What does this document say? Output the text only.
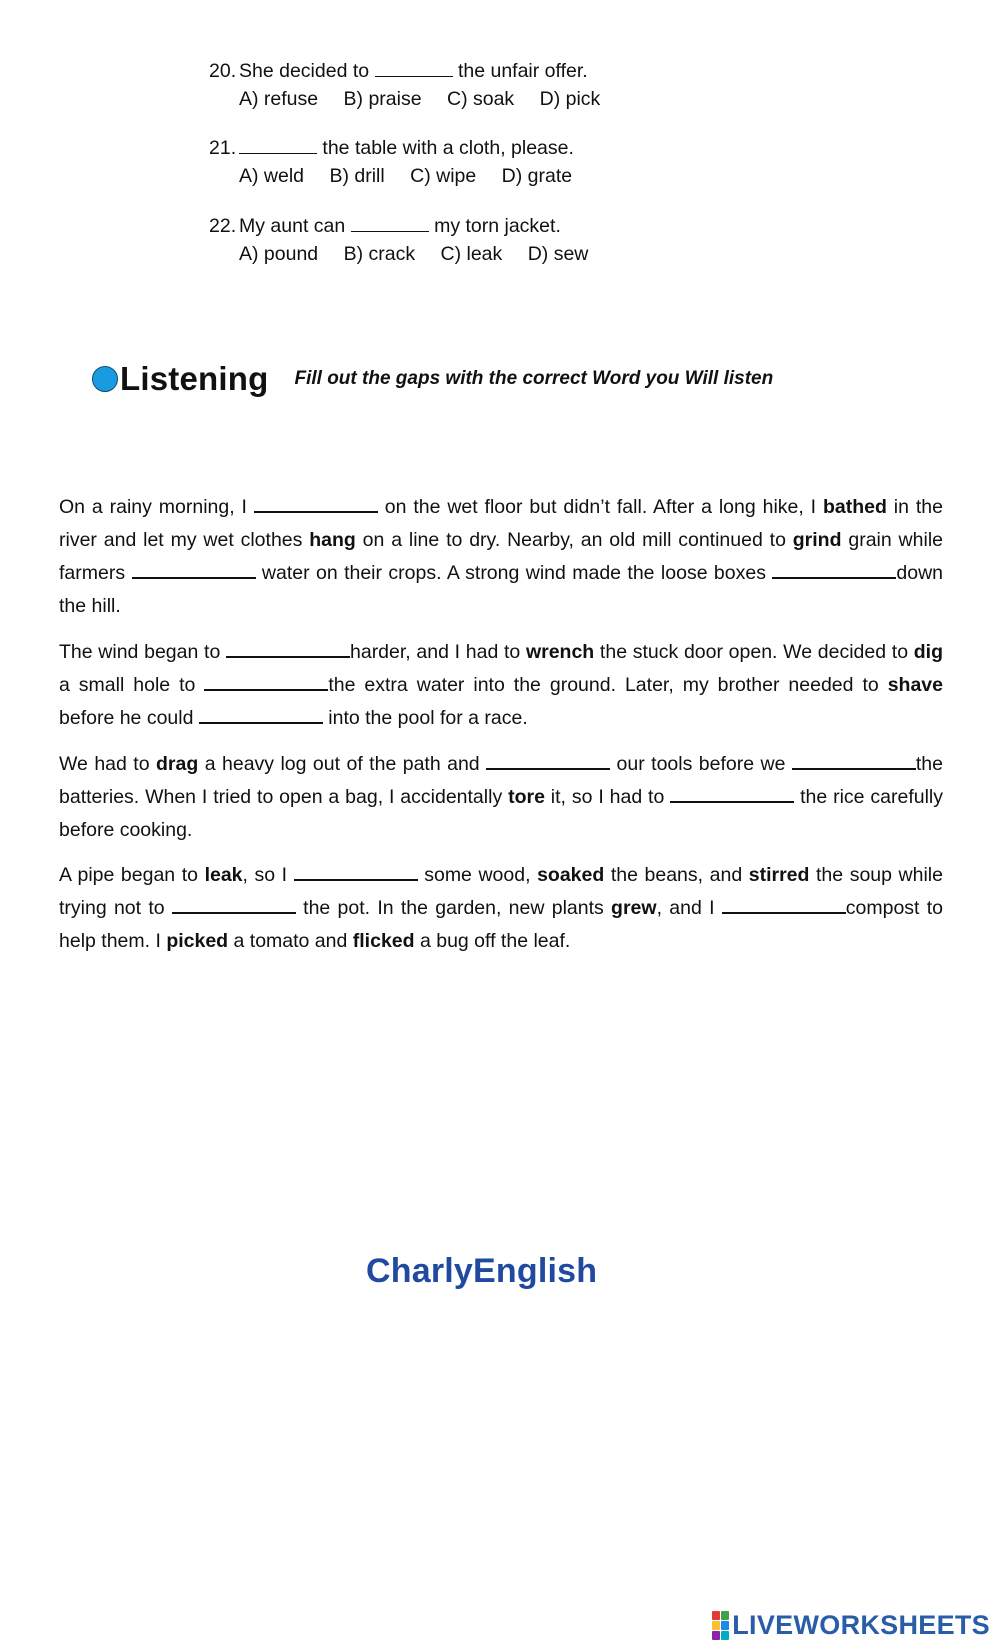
20. She decided to	the unfair offer.
A) refuse B) praise C) soak D) pick
21.	the table with a cloth, please.
A) weld B) drill C) wipe D) grate
22. My aunt can	my torn jacket.
A) pound B) crack C) leak D) sew
Listening Fill out the gaps with the correct Word you Will listen
On a rainy morning, I	on the wet floor but didn’t fall. After a long hike, I bathed in the river and let my wet clothes hang on a line to dry. Nearby, an old mill continued to grind grain while farmers	water on their crops. A strong wind made the loose boxes	down the hill.
The wind began to	harder, and I had to wrench the stuck door open. We decided to dig a small hole to	the extra water into the ground. Later, my brother needed to shave before he could	into the pool for a race.
We had to drag a heavy log out of the path and	our tools before we	the batteries. When I tried to open a bag, I accidentally tore it, so I had to	the rice carefully before cooking.
A pipe began to leak, so I	some wood, soaked the beans, and stirred the soup while trying not to	the pot. In the garden, new plants grew, and I	compost to help them. I picked a tomato and flicked a bug off the leaf.
CharlyEnglish
LIVEWORKSHEETS
